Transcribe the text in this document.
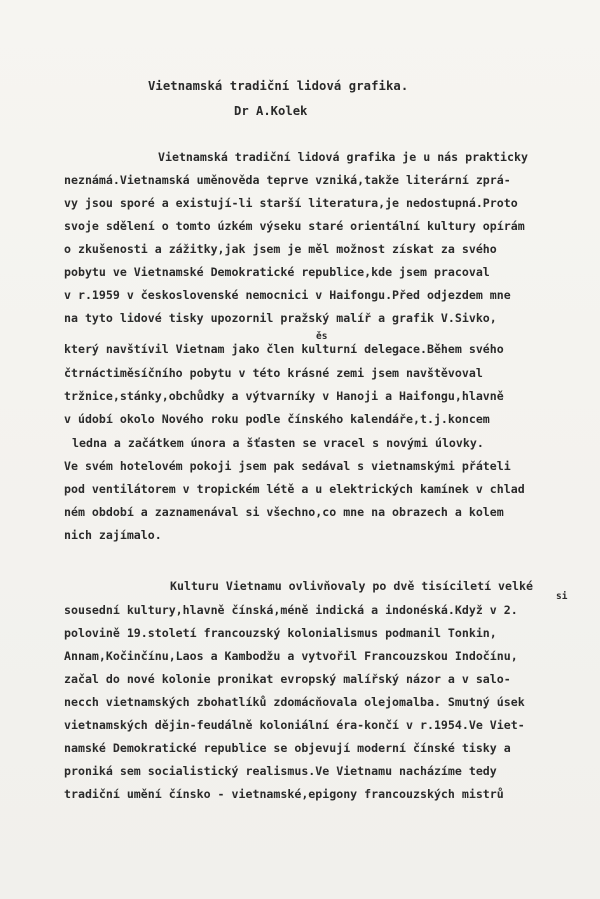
Vietnamská tradiční lidová grafika.
Dr A.Kolek
Vietnamská tradiční lidová grafika je u nás prakticky
neznámá.Vietnamská uměnověda teprve vzniká,takže literární zprá-
vy jsou sporé a existují-li starší literatura,je nedostupná.Proto
svoje sdělení o tomto úzkém výseku staré orientální kultury opírám
o zkušenosti a zážitky,jak jsem je měl možnost získat za svého
pobytu ve Vietnamské Demokratické republice,kde jsem pracoval
v r.1959 v československé nemocnici v Haifongu.Před odjezdem mne
na tyto lidové tisky upozornil pražský malíř a grafik V.Sivko,
ěs
který navštívil Vietnam jako člen kulturní delegace.Během svého
čtrnáctiměsíčního pobytu v této krásné zemi jsem navštěvoval
tržnice,stánky,obchůdky a výtvarníky v Hanoji a Haifongu,hlavně
v údobí okolo Nového roku podle čínského kalendáře,t.j.koncem
ledna a začátkem února a šťasten se vracel s novými úlovky.
Ve svém hotelovém pokoji jsem pak sedával s vietnamskými přáteli
pod ventilátorem v tropickém létě a u elektrických kamínek v chlad
ném období a zaznamenával si všechno,co mne na obrazech a kolem
nich zajímalo.
si
Kulturu Vietnamu ovlivňovaly po dvě tisíciletí velké
sousední kultury,hlavně čínská,méně indická a indonéská.Když v 2.
polovině 19.století francouzský kolonialismus podmanil Tonkin,
Annam,Kočinčínu,Laos a Kambodžu a vytvořil Francouzskou Indočínu,
začal do nové kolonie pronikat evropský malířský názor a v salo-
necch vietnamských zbohatlíků zdomácňovala olejomalba. Smutný úsek
vietnamských dějin-feudálně koloniální éra-končí v r.1954.Ve Viet-
namské Demokratické republice se objevují moderní čínské tisky a
proniká sem socialistický realismus.Ve Vietnamu nacházíme tedy
tradiční umění čínsko - vietnamské,epigony francouzských mistrů
